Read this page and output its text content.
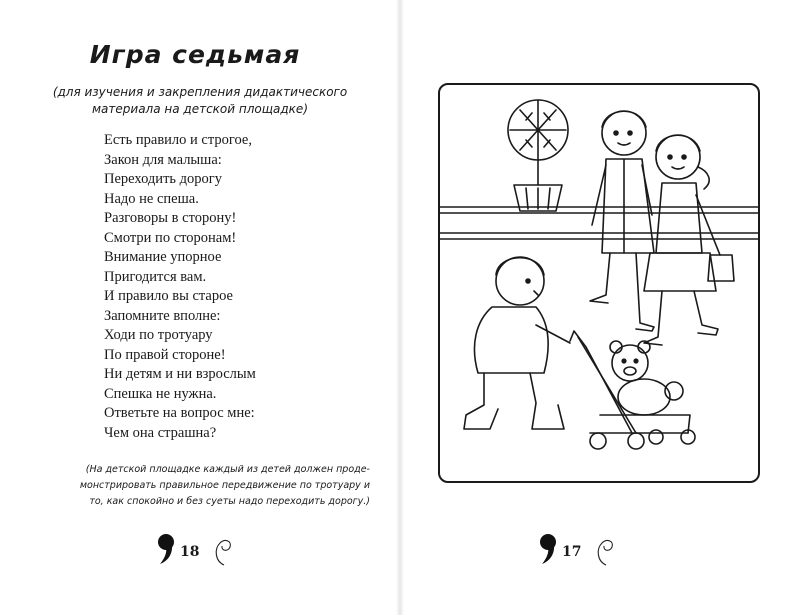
Игра седьмая
(для изучения и закрепления дидактического
материала на детской площадке)
Есть правило и строгое,
Закон для малыша:
Переходить дорогу
Надо не спеша.
Разговоры в сторону!
Смотри по сторонам!
Внимание упорное
Пригодится вам.
И правило вы старое
Запомните вполне:
Ходи по тротуару
По правой стороне!
Ни детям и ни взрослым
Спешка не нужна.
Ответьте на вопрос мне:
Чем она страшна?
(На детской площадке каждый из детей должен проде-
монстрировать правильное передвижение по тротуару и
то, как спокойно и без суеты надо переходить дорогу.)
18	17
